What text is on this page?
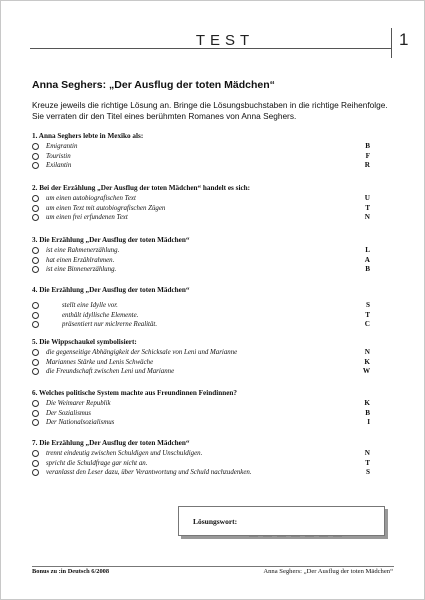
TEST	1
Anna Seghers: „Der Ausflug der toten Mädchen“
Kreuze jeweils die richtige Lösung an. Bringe die Lösungsbuchstaben in die richtige Reihenfolge.
Sie verraten dir den Titel eines berühmten Romanes von Anna Seghers.
1. Anna Seghers lebte in Mexiko als:
Emigrantin	B
Touristin	F
Exilantin	R
2. Bei der Erzählung „Der Ausflug der toten Mädchen“ handelt es sich:
um einen autobiografischen Text	U
um einen Text mit autobiografischen Zügen	T
um einen frei erfundenen Text	N
3. Die Erzählung „Der Ausflug der toten Mädchen“
ist eine Rahmenerzählung.	L
hat einen Erzählrahmen.	A
ist eine Binnenerzählung.	B
4. Die Erzählung „Der Ausflug der toten Mädchen“
stellt eine Idylle vor.	S
enthält idyllische Elemente.	T
präsentiert nur miclrerne Realität.	C
5. Die Wippschaukel symbolisiert:
die gegenseitige Abhängigkeit der Schicksale von Leni und Marianne	N
Mariannes Stärke und Lenis Schwäche	K
die Freundschaft zwischen Leni und Marianne	W
6. Welches politische System machte aus Freundinnen Feindinnen?
Die Weimarer Republik	K
Der Sozialismus	B
Der Nationalsozialismus	I
7. Die Erzählung „Der Ausflug der toten Mädchen“
trennt eindeutig zwischen Schuldigen und Unschuldigen.	N
spricht die Schuldfrage gar nicht an.	T
veranlasst den Leser dazu, über Verantwortung und Schuld nachzudenken.	S
Lösungswort:
Bonus zu :in Deutsch 6/2008	Anna Seghers: „Der Ausflug der toten Mädchen“
